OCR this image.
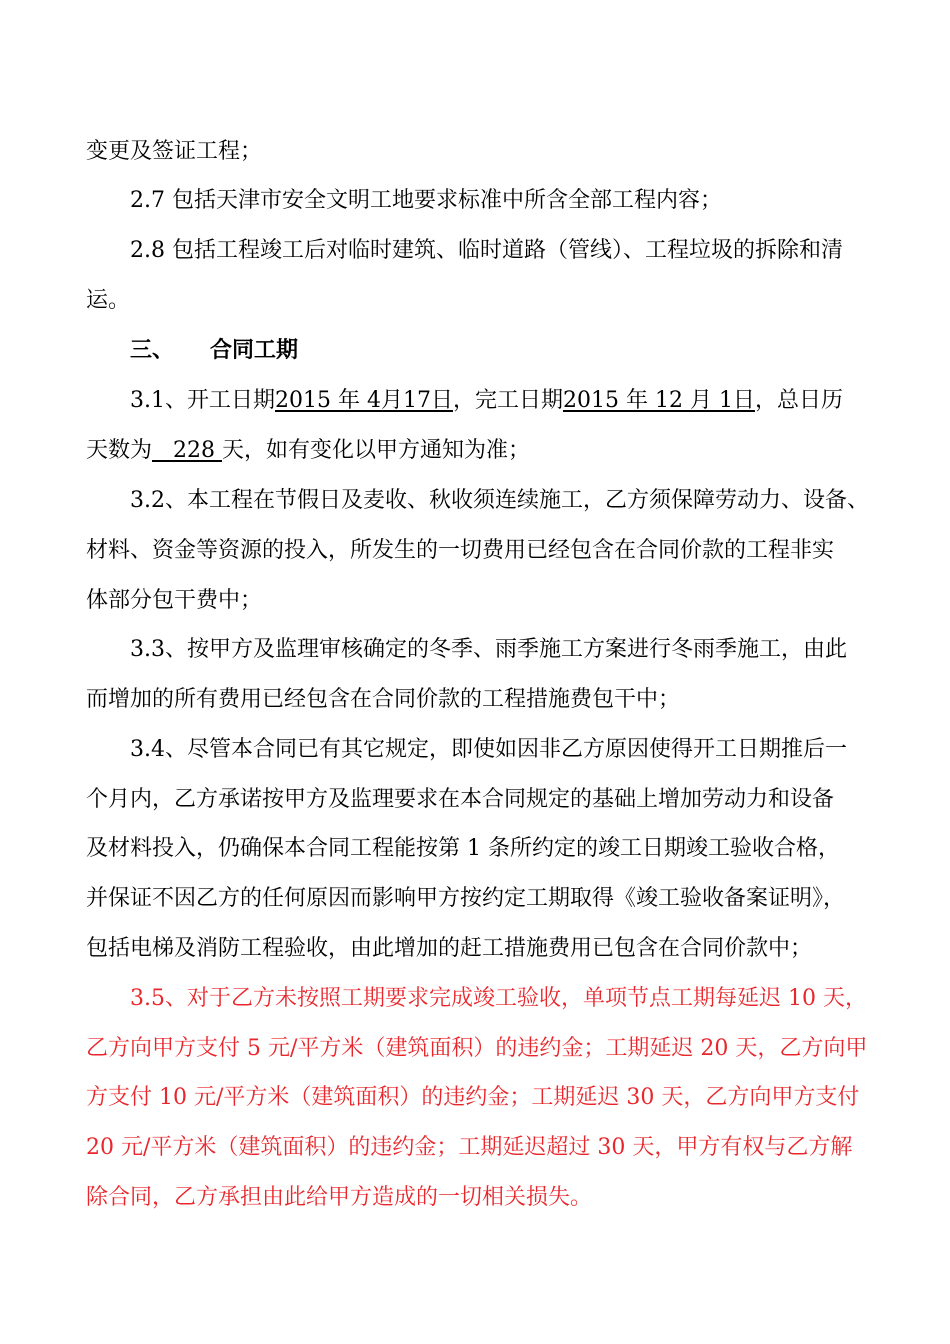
变更及签证工程；
2.7 包括天津市安全文明工地要求标准中所含全部工程内容；
2.8 包括工程竣工后对临时建筑、临时道路（管线）、工程垃圾的拆除和清
运。
三、 合同工期
3.1、开工日期2015 年 4月17日，完工日期2015 年 12 月 1日，总日历
天数为   228 天，如有变化以甲方通知为准；
3.2、本工程在节假日及麦收、秋收须连续施工，乙方须保障劳动力、设备、
材料、资金等资源的投入，所发生的一切费用已经包含在合同价款的工程非实
体部分包干费中；
3.3、按甲方及监理审核确定的冬季、雨季施工方案进行冬雨季施工，由此
而增加的所有费用已经包含在合同价款的工程措施费包干中；
3.4、尽管本合同已有其它规定，即使如因非乙方原因使得开工日期推后一
个月内，乙方承诺按甲方及监理要求在本合同规定的基础上增加劳动力和设备
及材料投入，仍确保本合同工程能按第 1 条所约定的竣工日期竣工验收合格，
并保证不因乙方的任何原因而影响甲方按约定工期取得《竣工验收备案证明》，
包括电梯及消防工程验收，由此增加的赶工措施费用已包含在合同价款中；
3.5、对于乙方未按照工期要求完成竣工验收，单项节点工期每延迟 10 天，
乙方向甲方支付 5 元/平方米（建筑面积）的违约金；工期延迟 20 天，乙方向甲
方支付 10 元/平方米（建筑面积）的违约金；工期延迟 30 天，乙方向甲方支付
20 元/平方米（建筑面积）的违约金；工期延迟超过 30 天，甲方有权与乙方解
除合同，乙方承担由此给甲方造成的一切相关损失。
